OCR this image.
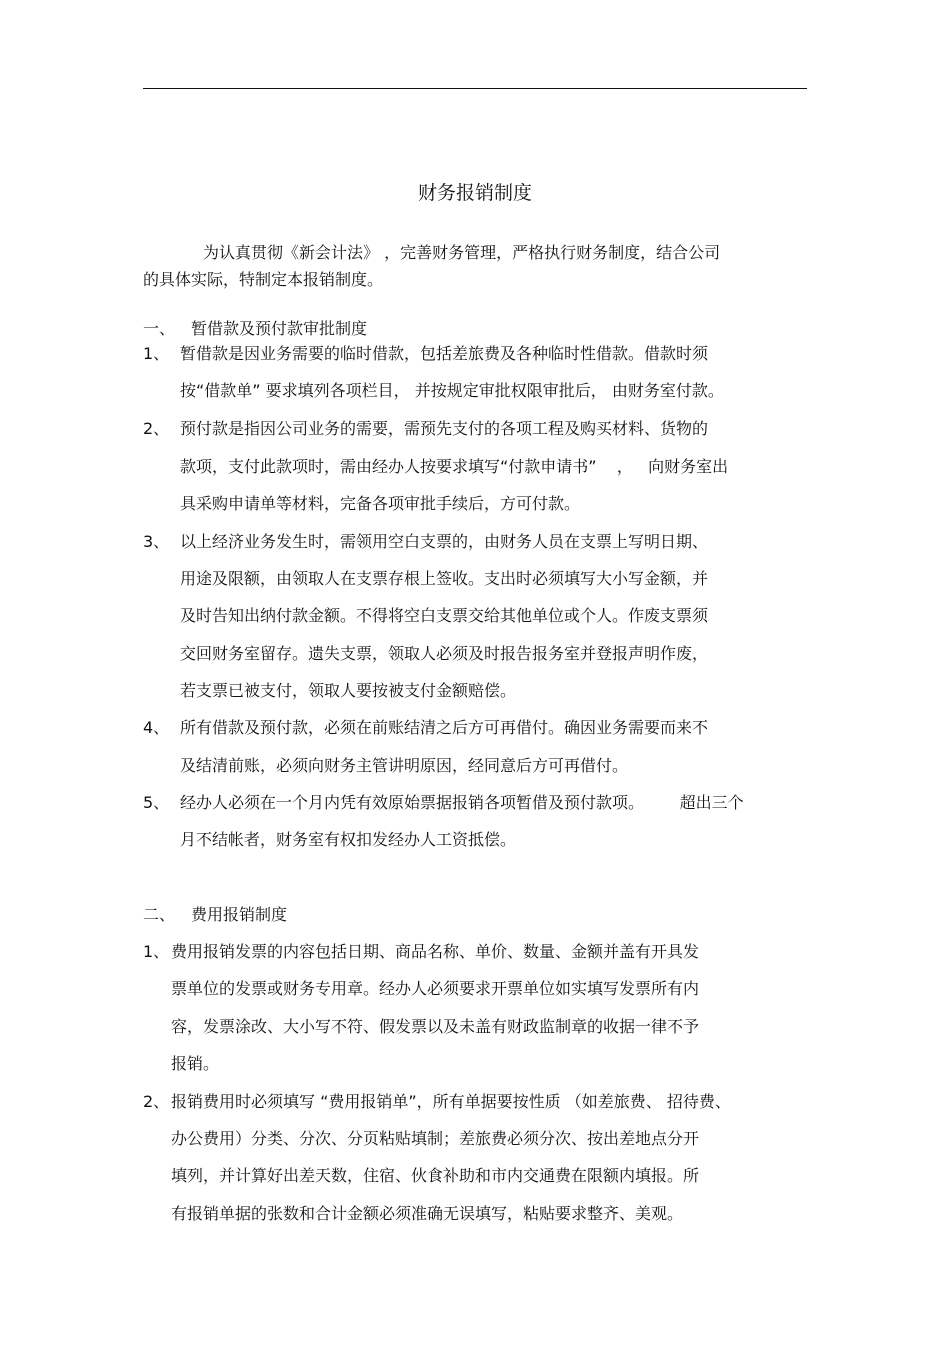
财务报销制度
为认真贯彻《新会计法》 ，完善财务管理，严格执行财务制度，结合公司
的具体实际，特制定本报销制度。
一、 暂借款及预付款审批制度
1、 暂借款是因业务需要的临时借款，包括差旅费及各种临时性借款。借款时须
按“借款单” 要求填列各项栏目， 并按规定审批权限审批后， 由财务室付款。
2、 预付款是指因公司业务的需要，需预先支付的各项工程及购买材料、货物的
款项，支付此款项时，需由经办人按要求填写“付款申请书”    ，   向财务室出
具采购申请单等材料，完备各项审批手续后，方可付款。
3、 以上经济业务发生时，需领用空白支票的，由财务人员在支票上写明日期、
用途及限额，由领取人在支票存根上签收。支出时必须填写大小写金额，并
及时告知出纳付款金额。不得将空白支票交给其他单位或个人。作废支票须
交回财务室留存。遗失支票，领取人必须及时报告报务室并登报声明作废，
若支票已被支付，领取人要按被支付金额赔偿。
4、 所有借款及预付款，必须在前账结清之后方可再借付。确因业务需要而来不
及结清前账，必须向财务主管讲明原因，经同意后方可再借付。
5、 经办人必须在一个月内凭有效原始票据报销各项暂借及预付款项。       超出三个
月不结帐者，财务室有权扣发经办人工资抵偿。
二、 费用报销制度
1、 费用报销发票的内容包括日期、商品名称、单价、数量、金额并盖有开具发
票单位的发票或财务专用章。经办人必须要求开票单位如实填写发票所有内
容，发票涂改、大小写不符、假发票以及未盖有财政监制章的收据一律不予
报销。
2、 报销费用时必须填写 “费用报销单”，所有单据要按性质 （如差旅费、 招待费、
办公费用）分类、分次、分页粘贴填制；差旅费必须分次、按出差地点分开
填列，并计算好出差天数，住宿、伙食补助和市内交通费在限额内填报。所
有报销单据的张数和合计金额必须准确无误填写，粘贴要求整齐、美观。
